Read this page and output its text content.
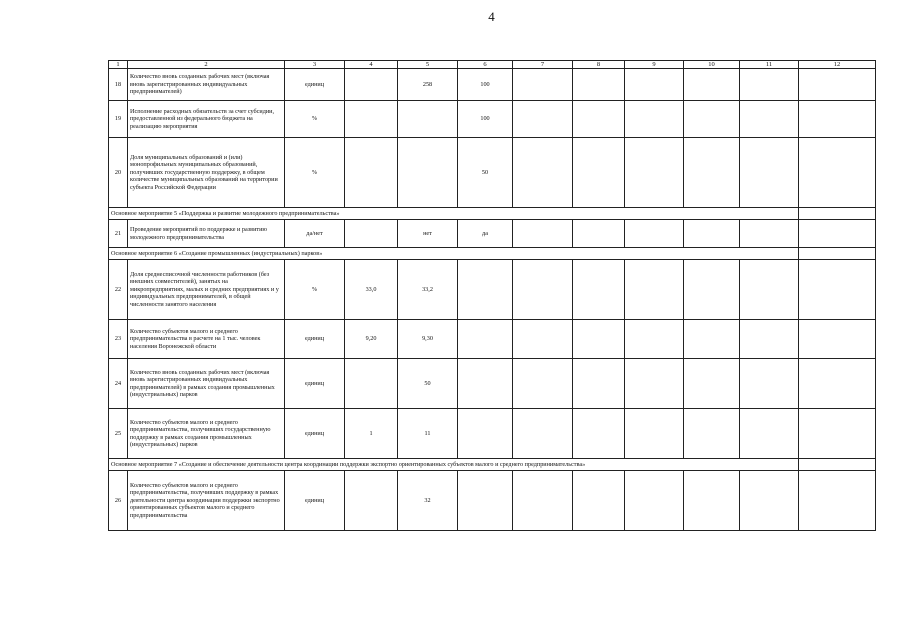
4
1	2	3	4	5	6	7	8	9	10	11	12
18	Количество вновь созданных рабочих мест (включая вновь зарегистрированных индивидуальных предпринимателей)	единиц		258	100						
19	Исполнение расходных обязательств за счет субсидии, предоставленной из федерального бюджета на реализацию мероприятия	%			100						
20	Доля муниципальных образований и (или) монопрофильных муниципальных образований, получивших государственную поддержку, в общем количестве муниципальных образований на территории субъекта Российской Федерации	%			50						
Основное мероприятие 5 «Поддержка и развитие молодежного предпринимательства»											
21	Проведение мероприятий по поддержке и развитию молодежного предпринимательства	да/нет		нет	да						
Основное мероприятие 6 «Создание промышленных (индустриальных) парков»											
22	Доля среднесписочной численности работников (без внешних совместителей), занятых на микропредприятиях, малых и средних предприятиях и у индивидуальных предпринимателей, в общей численности занятого населения	%	33,0	33,2							
23	Количество субъектов малого и среднего предпринимательства в расчете на 1 тыс. человек населения Воронежской области	единиц	9,20	9,30							
24	Количество вновь созданных рабочих мест (включая вновь зарегистрированных индивидуальных предпринимателей) в рамках создания промышленных (индустриальных) парков	единиц		50							
25	Количество субъектов малого и среднего предпринимательства, получивших государственную поддержку в рамках создания промышленных (индустриальных) парков	единиц	1	11							
Основное мероприятие 7 «Создание и обеспечение деятельности центра координации поддержки экспортно ориентированных субъектов малого и среднего предпринимательства»											
26	Количество субъектов малого и среднего предпринимательства, получивших поддержку в рамках деятельности центра координации поддержки экспортно ориентированных субъектов малого и среднего предпринимательства	единиц		32							
